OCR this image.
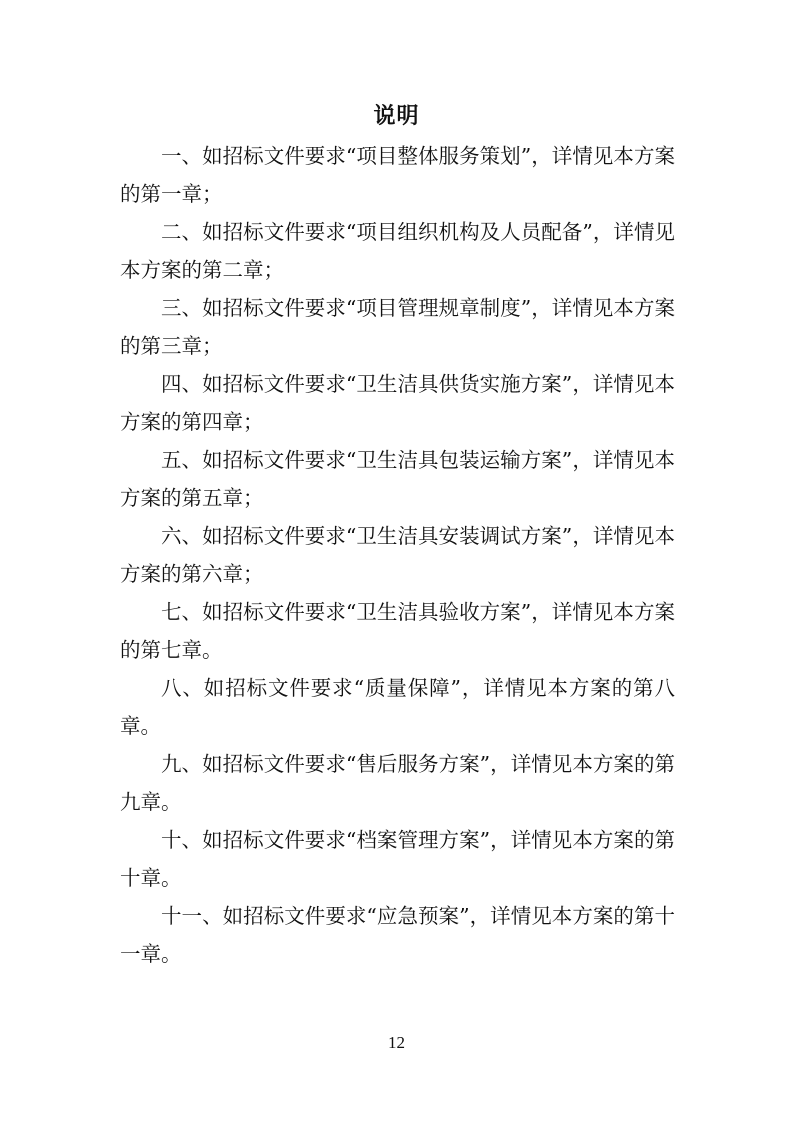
说明

一、如招标文件要求“项目整体服务策划”，详情见本方案的第一章；

二、如招标文件要求“项目组织机构及人员配备”，详情见本方案的第二章；

三、如招标文件要求“项目管理规章制度”，详情见本方案的第三章；

四、如招标文件要求“卫生洁具供货实施方案”，详情见本方案的第四章；

五、如招标文件要求“卫生洁具包装运输方案”，详情见本方案的第五章；

六、如招标文件要求“卫生洁具安装调试方案”，详情见本方案的第六章；

七、如招标文件要求“卫生洁具验收方案”，详情见本方案的第七章。

八、如招标文件要求“质量保障”，详情见本方案的第八章。

九、如招标文件要求“售后服务方案”，详情见本方案的第九章。

十、如招标文件要求“档案管理方案”，详情见本方案的第十章。

十一、如招标文件要求“应急预案”，详情见本方案的第十一章。

12
